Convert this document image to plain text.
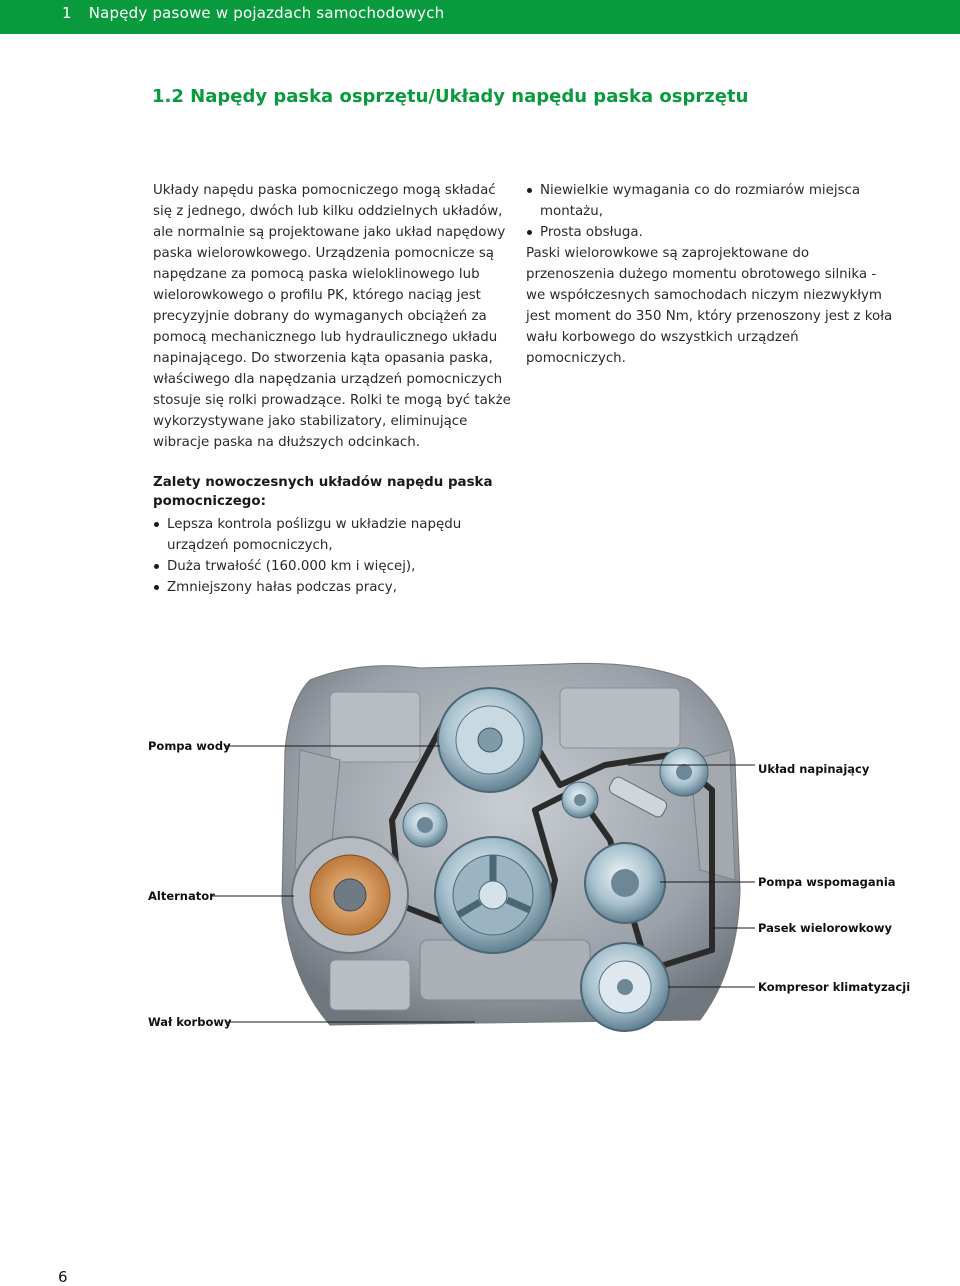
1 Napędy pasowe w pojazdach samochodowych
1.2 Napędy paska osprzętu/Układy napędu paska osprzętu

Układy napędu paska pomocniczego mogą składać się z jednego, dwóch lub kilku oddzielnych układów, ale normalnie są projektowane jako układ napędowy paska wielorowkowego. Urządzenia pomocnicze są napędzane za pomocą paska wieloklinowego lub wielorowkowego o profilu PK, którego naciąg jest precyzyjnie dobrany do wymaganych obciążeń za pomocą mechanicznego lub hydraulicznego układu napinającego. Do stworzenia kąta opasania paska, właściwego dla napędzania urządzeń pomocniczych stosuje się rolki prowadzące. Rolki te mogą być także wykorzystywane jako stabilizatory, eliminujące wibracje paska na dłuższych odcinkach.

Zalety nowoczesnych układów napędu paska pomocniczego:
Lepsza kontrola poślizgu w układzie napędu urządzeń pomocniczych,
Duża trwałość (160.000 km i więcej),
Zmniejszony hałas podczas pracy,
Niewielkie wymagania co do rozmiarów miejsca montażu,
Prosta obsługa.

Paski wielorowkowe są zaprojektowane do przenoszenia dużego momentu obrotowego silnika - we współczesnych samochodach niczym niezwykłym jest moment do 350 Nm, który przenoszony jest z koła wału korbowego do wszystkich urządzeń pomocniczych.

Pompa wody
Układ napinający
Alternator
Pompa wspomagania
Pasek wielorowkowy
Kompresor klimatyzacji
Wał korbowy
6
